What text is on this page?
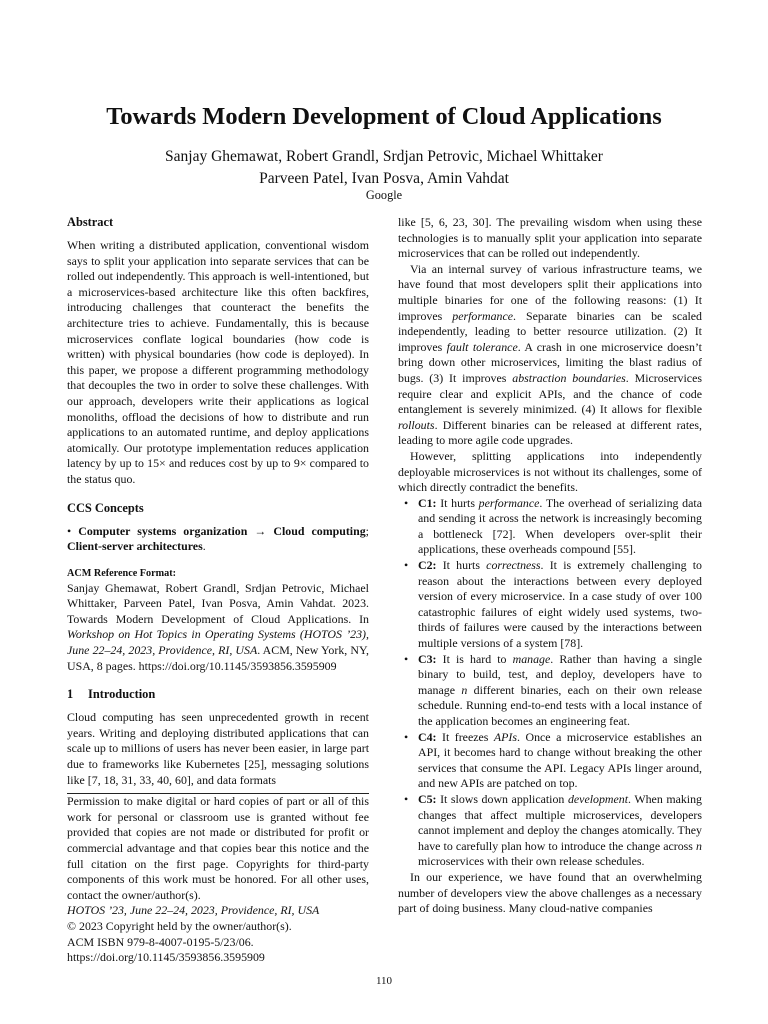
Towards Modern Development of Cloud Applications
Sanjay Ghemawat, Robert Grandl, Srdjan Petrovic, Michael Whittaker
Parveen Patel, Ivan Posva, Amin Vahdat
Google
Abstract

When writing a distributed application, conventional wisdom says to split your application into separate services that can be rolled out independently. This approach is well-intentioned, but a microservices-based architecture like this often backfires, introducing challenges that counteract the benefits the architecture tries to achieve. Fundamentally, this is because microservices conflate logical boundaries (how code is written) with physical boundaries (how code is deployed). In this paper, we propose a different programming methodology that decouples the two in order to solve these challenges. With our approach, developers write their applications as logical monoliths, offload the decisions of how to distribute and run applications to an automated runtime, and deploy applications atomically. Our prototype implementation reduces application latency by up to 15× and reduces cost by up to 9× compared to the status quo.

CCS Concepts

• Computer systems organization → Cloud computing; Client-server architectures.

ACM Reference Format:

Sanjay Ghemawat, Robert Grandl, Srdjan Petrovic, Michael Whittaker, Parveen Patel, Ivan Posva, Amin Vahdat. 2023. Towards Modern Development of Cloud Applications. In Workshop on Hot Topics in Operating Systems (HOTOS ’23), June 22–24, 2023, Providence, RI, USA. ACM, New York, NY, USA, 8 pages. https://doi.org/10.1145/3593856.3595909

1	Introduction

Cloud computing has seen unprecedented growth in recent years. Writing and deploying distributed applications that can scale up to millions of users has never been easier, in large part due to frameworks like Kubernetes [25], messaging solutions like [7, 18, 31, 33, 40, 60], and data formats

Permission to make digital or hard copies of part or all of this work for personal or classroom use is granted without fee provided that copies are not made or distributed for profit or commercial advantage and that copies bear this notice and the full citation on the first page. Copyrights for third-party components of this work must be honored. For all other uses, contact the owner/author(s).

HOTOS ’23, June 22–24, 2023, Providence, RI, USA

© 2023 Copyright held by the owner/author(s).

ACM ISBN 979-8-4007-0195-5/23/06.

https://doi.org/10.1145/3593856.3595909

like [5, 6, 23, 30]. The prevailing wisdom when using these technologies is to manually split your application into separate microservices that can be rolled out independently.

Via an internal survey of various infrastructure teams, we have found that most developers split their applications into multiple binaries for one of the following reasons: (1) It improves performance. Separate binaries can be scaled independently, leading to better resource utilization. (2) It improves fault tolerance. A crash in one microservice doesn’t bring down other microservices, limiting the blast radius of bugs. (3) It improves abstraction boundaries. Microservices require clear and explicit APIs, and the chance of code entanglement is severely minimized. (4) It allows for flexible rollouts. Different binaries can be released at different rates, leading to more agile code upgrades.

However, splitting applications into independently deployable microservices is not without its challenges, some of which directly contradict the benefits.

• C1: It hurts performance. The overhead of serializing data and sending it across the network is increasingly becoming a bottleneck [72]. When developers over-split their applications, these overheads compound [55].
• C2: It hurts correctness. It is extremely challenging to reason about the interactions between every deployed version of every microservice. In a case study of over 100 catastrophic failures of eight widely used systems, two-thirds of failures were caused by the interactions between multiple versions of a system [78].
• C3: It is hard to manage. Rather than having a single binary to build, test, and deploy, developers have to manage n different binaries, each on their own release schedule. Running end-to-end tests with a local instance of the application becomes an engineering feat.
• C4: It freezes APIs. Once a microservice establishes an API, it becomes hard to change without breaking the other services that consume the API. Legacy APIs linger around, and new APIs are patched on top.
• C5: It slows down application development. When making changes that affect multiple microservices, developers cannot implement and deploy the changes atomically. They have to carefully plan how to introduce the change across n microservices with their own release schedules.

In our experience, we have found that an overwhelming number of developers view the above challenges as a necessary part of doing business. Many cloud-native companies

110
